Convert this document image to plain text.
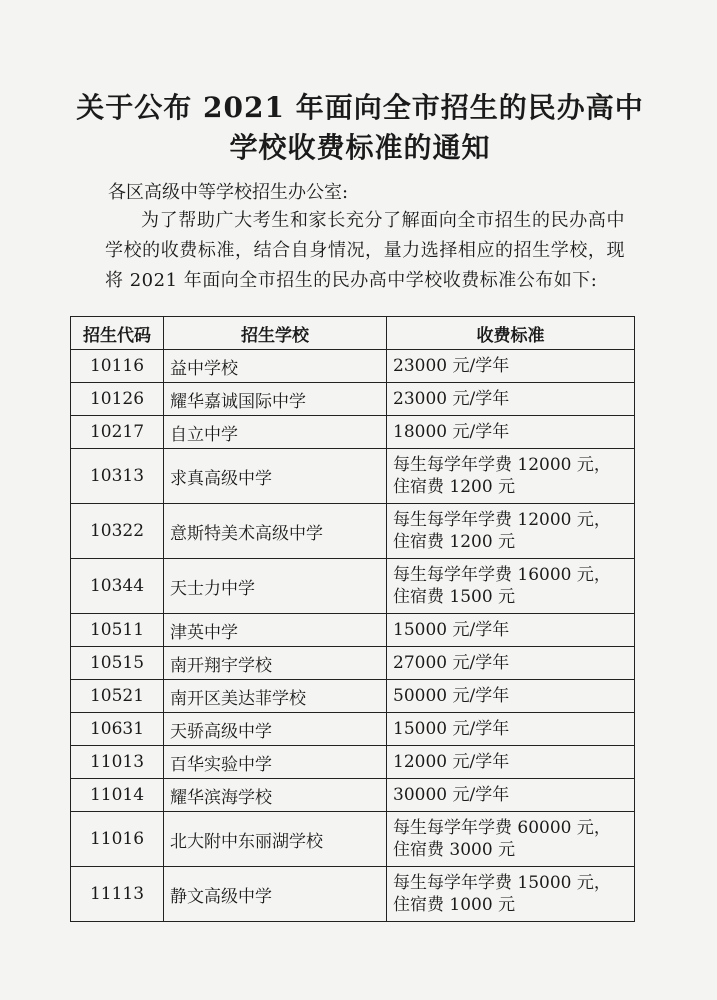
关于公布 2021 年面向全市招生的民办高中
学校收费标准的通知
各区高级中等学校招生办公室:
为了帮助广大考生和家长充分了解面向全市招生的民办高中学校的收费标准，结合自身情况，量力选择相应的招生学校，现将 2021 年面向全市招生的民办高中学校收费标准公布如下:
招生代码	招生学校	收费标准
10116	益中学校	23000 元/学年

10126	耀华嘉诚国际中学	23000 元/学年

10217	自立中学	18000 元/学年

10313	求真高级中学	每生每学年学费 12000 元，
住宿费 1200 元

10322	意斯特美术高级中学	每生每学年学费 12000 元，
住宿费 1200 元

10344	天士力中学	每生每学年学费 16000 元，
住宿费 1500 元

10511	津英中学	15000 元/学年

10515	南开翔宇学校	27000 元/学年

10521	南开区美达菲学校	50000 元/学年

10631	天骄高级中学	15000 元/学年

11013	百华实验中学	12000 元/学年

11014	耀华滨海学校	30000 元/学年

11016	北大附中东丽湖学校	每生每学年学费 60000 元，
住宿费 3000 元

11113	静文高级中学	每生每学年学费 15000 元，
住宿费 1000 元
